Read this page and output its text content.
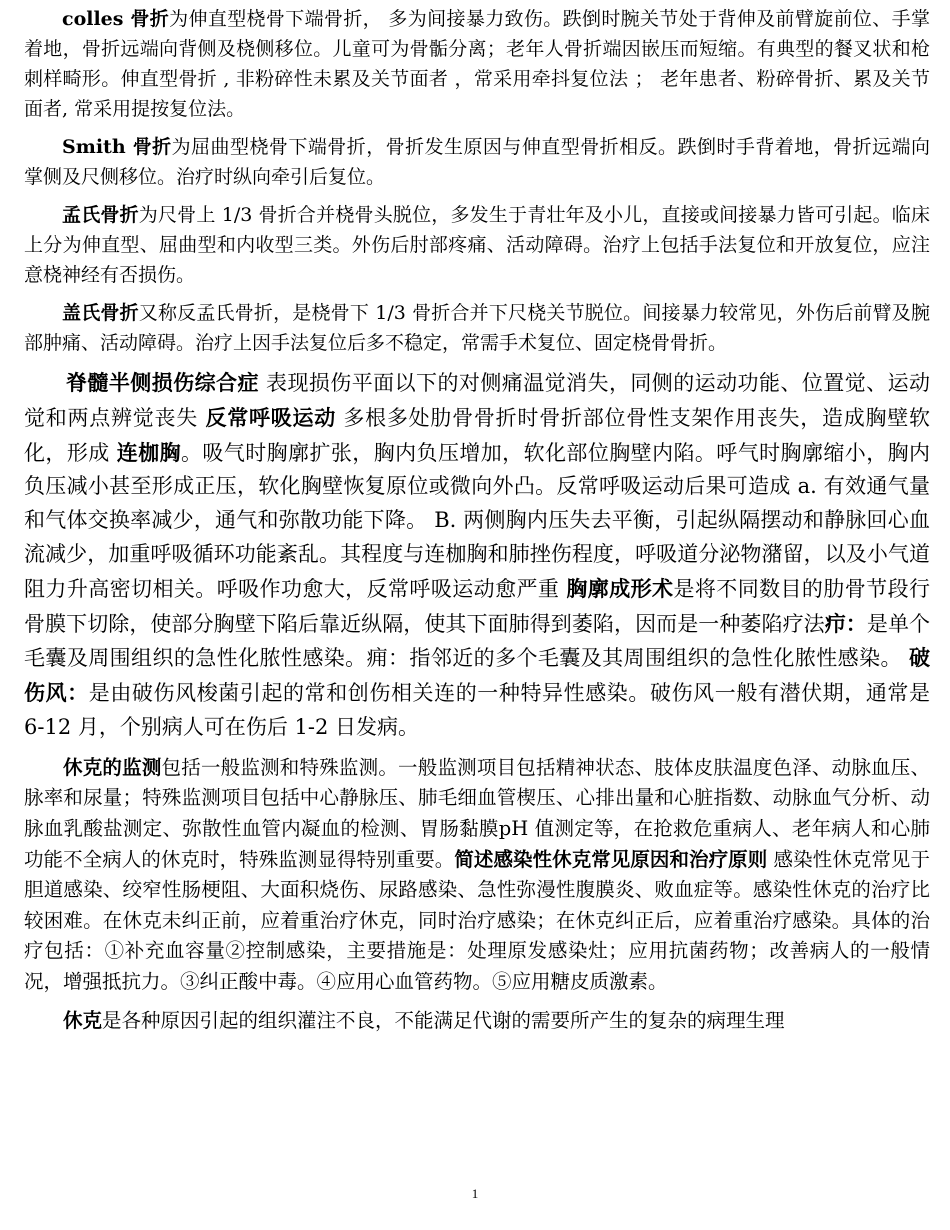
colles 骨折为伸直型桡骨下端骨折， 多为间接暴力致伤。跌倒时腕关节处于背伸及前臂旋前位、手掌着地，骨折远端向背侧及桡侧移位。儿童可为骨骺分离；老年人骨折端因嵌压而短缩。有典型的餐叉状和枪刺样畸形。伸直型骨折 , 非粉碎性未累及关节面者 ，常采用牵抖复位法 ； 老年患者、粉碎骨折、累及关节面者, 常采用提按复位法。

Smith 骨折为屈曲型桡骨下端骨折，骨折发生原因与伸直型骨折相反。跌倒时手背着地，骨折远端向掌侧及尺侧移位。治疗时纵向牵引后复位。

孟氏骨折为尺骨上 1/3 骨折合并桡骨头脱位，多发生于青壮年及小儿，直接或间接暴力皆可引起。临床上分为伸直型、屈曲型和内收型三类。外伤后肘部疼痛、活动障碍。治疗上包括手法复位和开放复位，应注意桡神经有否损伤。

盖氏骨折又称反孟氏骨折，是桡骨下 1/3 骨折合并下尺桡关节脱位。间接暴力较常见，外伤后前臂及腕部肿痛、活动障碍。治疗上因手法复位后多不稳定，常需手术复位、固定桡骨骨折。

脊髓半侧损伤综合症 表现损伤平面以下的对侧痛温觉消失，同侧的运动功能、位置觉、运动觉和两点辨觉丧失 反常呼吸运动 多根多处肋骨骨折时骨折部位骨性支架作用丧失，造成胸壁软化，形成 连枷胸。吸气时胸廓扩张，胸内负压增加，软化部位胸壁内陷。呼气时胸廓缩小，胸内负压减小甚至形成正压，软化胸壁恢复原位或微向外凸。反常呼吸运动后果可造成 a. 有效通气量和气体交换率减少，通气和弥散功能下降。 B. 两侧胸内压失去平衡，引起纵隔摆动和静脉回心血流减少，加重呼吸循环功能紊乱。其程度与连枷胸和肺挫伤程度，呼吸道分泌物潴留，以及小气道阻力升高密切相关。呼吸作功愈大，反常呼吸运动愈严重 胸廓成形术是将不同数目的肋骨节段行骨膜下切除，使部分胸壁下陷后靠近纵隔，使其下面肺得到萎陷，因而是一种萎陷疗法疖：是单个毛囊及周围组织的急性化脓性感染。痈：指邻近的多个毛囊及其周围组织的急性化脓性感染。 破伤风：是由破伤风梭菌引起的常和创伤相关连的一种特异性感染。破伤风一般有潜伏期，通常是 6-12 月，个别病人可在伤后 1-2 日发病。

休克的监测包括一般监测和特殊监测。一般监测项目包括精神状态、肢体皮肤温度色泽、动脉血压、脉率和尿量；特殊监测项目包括中心静脉压、肺毛细血管楔压、心排出量和心脏指数、动脉血气分析、动脉血乳酸盐测定、弥散性血管内凝血的检测、胃肠黏膜pH 值测定等，在抢救危重病人、老年病人和心肺功能不全病人的休克时，特殊监测显得特别重要。简述感染性休克常见原因和治疗原则 感染性休克常见于胆道感染、绞窄性肠梗阻、大面积烧伤、尿路感染、急性弥漫性腹膜炎、败血症等。感染性休克的治疗比较困难。在休克未纠正前，应着重治疗休克，同时治疗感染；在休克纠正后，应着重治疗感染。具体的治疗包括：①补充血容量②控制感染，主要措施是：处理原发感染灶；应用抗菌药物；改善病人的一般情况，增强抵抗力。③纠正酸中毒。④应用心血管药物。⑤应用糖皮质激素。

休克是各种原因引起的组织灌注不良，不能满足代谢的需要所产生的复杂的病理生理

1
